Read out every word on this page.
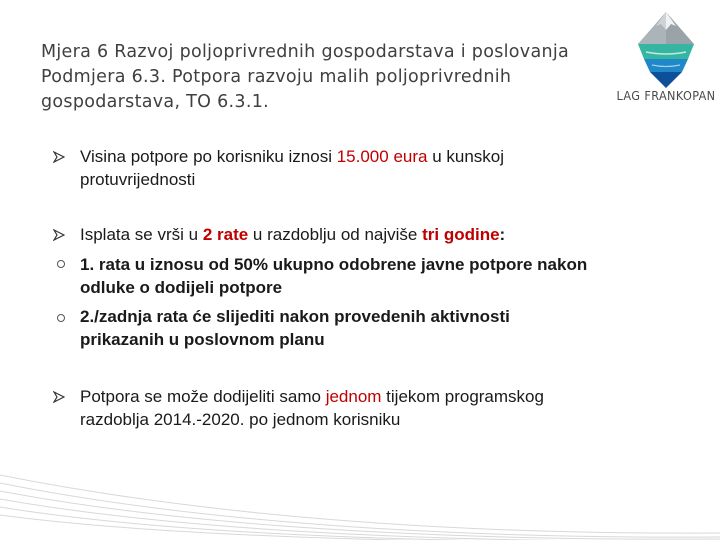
Mjera 6 Razvoj poljoprivrednih gospodarstava i poslovanja
Podmjera 6.3. Potpora razvoju malih poljoprivrednih
gospodarstava, TO 6.3.1.	LAG FRANKOPAN
Visina potpore po korisniku iznosi 15.000 eura u kunskoj
protuvrijednosti
Isplata se vrši u 2 rate u razdoblju od najviše tri godine:
1. rata u iznosu od 50% ukupno odobrene javne potpore nakon
odluke o dodijeli potpore
2./zadnja rata će slijediti nakon provedenih aktivnosti
prikazanih u poslovnom planu
Potpora se može dodijeliti samo jednom tijekom programskog
razdoblja 2014.-2020. po jednom korisniku
